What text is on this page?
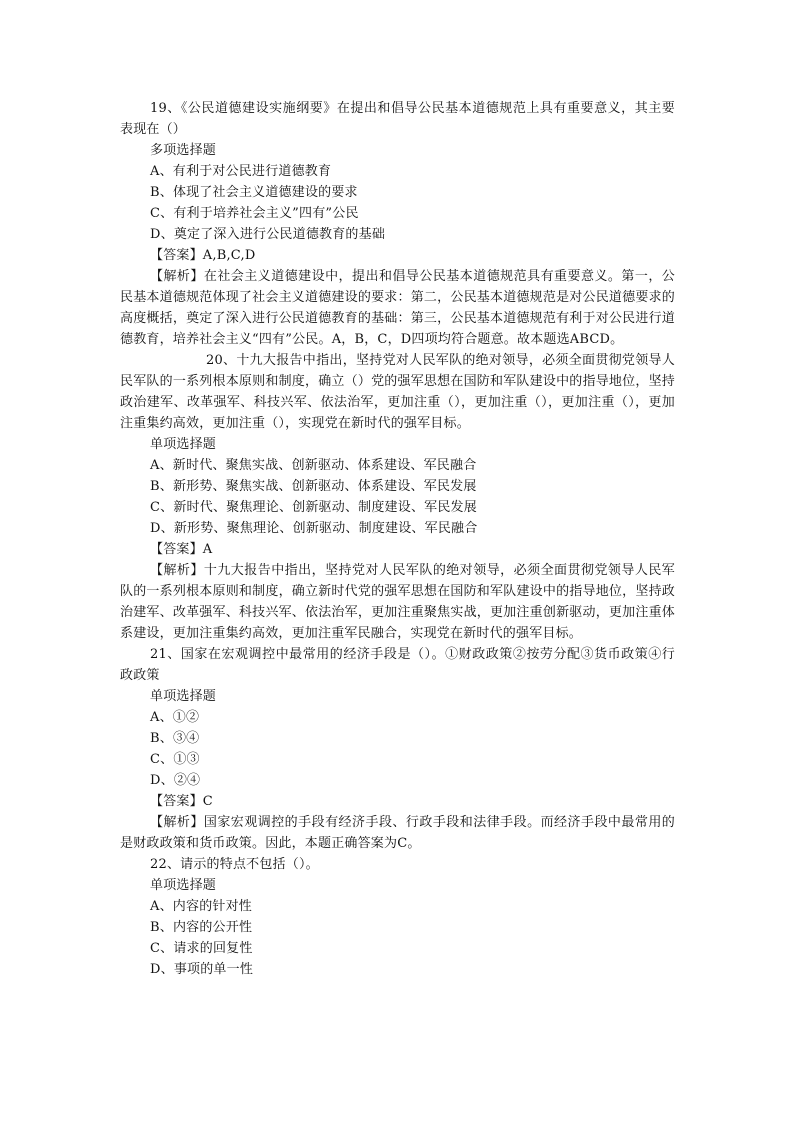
19、《公民道德建设实施纲要》在提出和倡导公民基本道德规范上具有重要意义，其主要表现在（）

多项选择题

A、有利于对公民进行道德教育

B、体现了社会主义道德建设的要求

C、有利于培养社会主义”四有”公民

D、奠定了深入进行公民道德教育的基础

【答案】A,B,C,D

【解析】在社会主义道德建设中，提出和倡导公民基本道德规范具有重要意义。第一，公民基本道德规范体现了社会主义道德建设的要求：第二，公民基本道德规范是对公民道德要求的高度概括，奠定了深入进行公民道德教育的基础：第三，公民基本道德规范有利于对公民进行道德教育，培养社会主义“四有”公民。A，B，C，D四项均符合题意。故本题选ABCD。

20、十九大报告中指出，坚持党对人民军队的绝对领导，必须全面贯彻党领导人民军队的一系列根本原则和制度，确立（）党的强军思想在国防和军队建设中的指导地位，坚持政治建军、改革强军、科技兴军、依法治军，更加注重（），更加注重（），更加注重（），更加注重集约高效，更加注重（），实现党在新时代的强军目标。

单项选择题

A、新时代、聚焦实战、创新驱动、体系建设、军民融合

B、新形势、聚焦实战、创新驱动、体系建设、军民发展

C、新时代、聚焦理论、创新驱动、制度建设、军民发展

D、新形势、聚焦理论、创新驱动、制度建设、军民融合

【答案】A

【解析】十九大报告中指出，坚持党对人民军队的绝对领导，必须全面贯彻党领导人民军队的一系列根本原则和制度，确立新时代党的强军思想在国防和军队建设中的指导地位，坚持政治建军、改革强军、科技兴军、依法治军，更加注重聚焦实战，更加注重创新驱动，更加注重体系建设，更加注重集约高效，更加注重军民融合，实现党在新时代的强军目标。

21、国家在宏观调控中最常用的经济手段是（）。①财政政策②按劳分配③货币政策④行政政策

单项选择题

A、①②

B、③④

C、①③

D、②④

【答案】C

【解析】国家宏观调控的手段有经济手段、行政手段和法律手段。而经济手段中最常用的是财政政策和货币政策。因此，本题正确答案为C。

22、请示的特点不包括（）。

单项选择题

A、内容的针对性

B、内容的公开性

C、请求的回复性

D、事项的单一性
